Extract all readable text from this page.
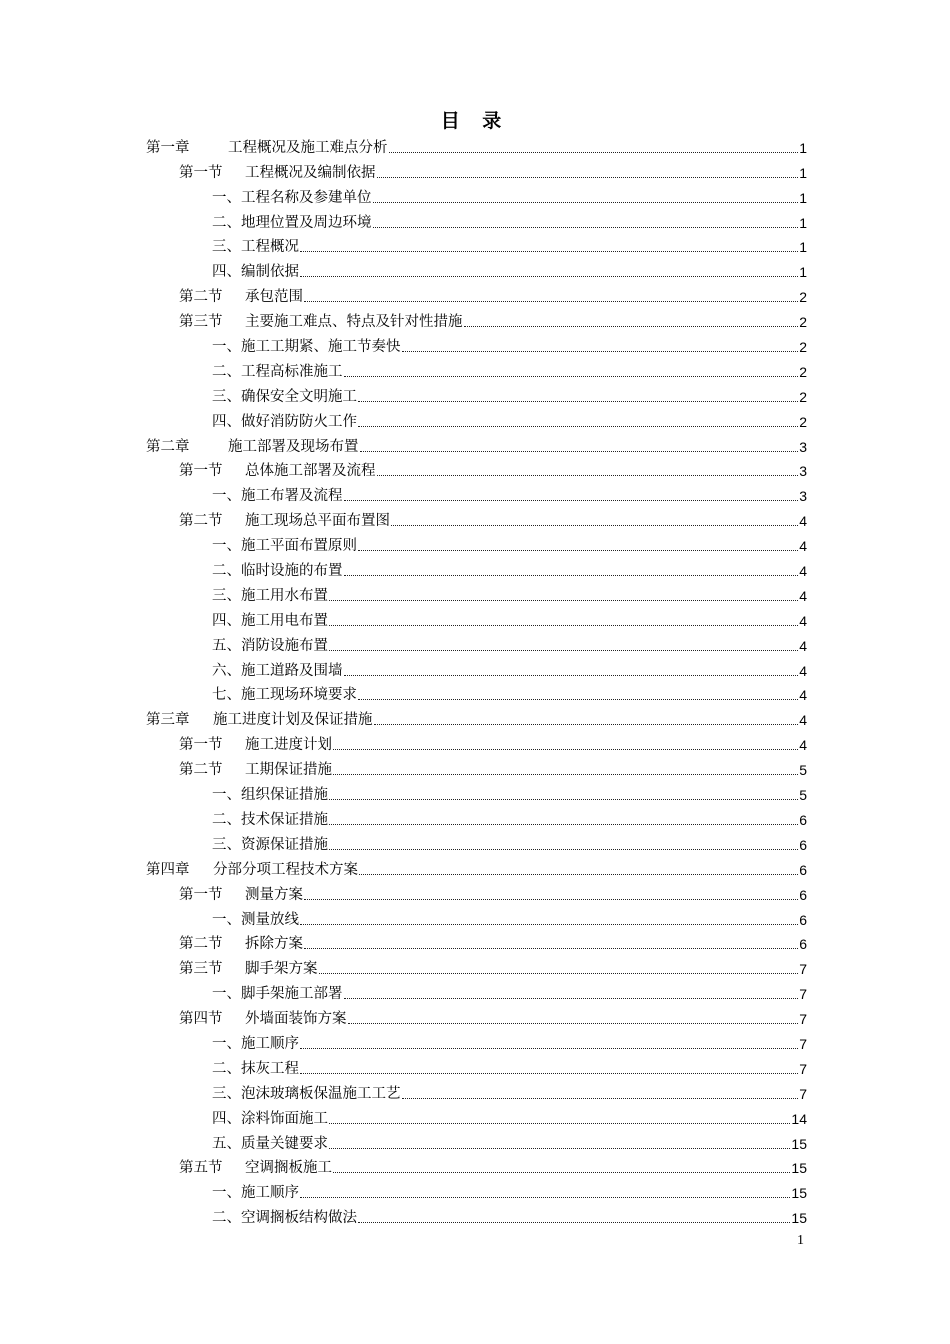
目 录
第一章	工程概况及施工难点分析	1
第一节 工程概况及编制依据	1
一、工程名称及参建单位	1
二、地理位置及周边环境	1
三、工程概况	1
四、编制依据	1
第二节 承包范围	2
第三节 主要施工难点、特点及针对性措施	2
一、施工工期紧、施工节奏快	2
二、工程高标准施工	2
三、确保安全文明施工	2
四、做好消防防火工作	2
第二章	施工部署及现场布置	3
第一节 总体施工部署及流程	3
一、施工布署及流程	3
第二节 施工现场总平面布置图	4
一、施工平面布置原则	4
二、临时设施的布置	4
三、施工用水布置	4
四、施工用电布置	4
五、消防设施布置	4
六、施工道路及围墙	4
七、施工现场环境要求	4
第三章 施工进度计划及保证措施	4
第一节 施工进度计划	4
第二节 工期保证措施	5
一、组织保证措施	5
二、技术保证措施	6
三、资源保证措施	6
第四章 分部分项工程技术方案	6
第一节 测量方案	6
一、测量放线	6
第二节 拆除方案	6
第三节 脚手架方案	7
一、脚手架施工部署	7
第四节 外墙面装饰方案	7
一、施工顺序	7
二、抹灰工程	7
三、泡沫玻璃板保温施工工艺	7
四、涂料饰面施工	14
五、质量关键要求	15
第五节 空调搁板施工	15
一、施工顺序	15
二、空调搁板结构做法	15
1
